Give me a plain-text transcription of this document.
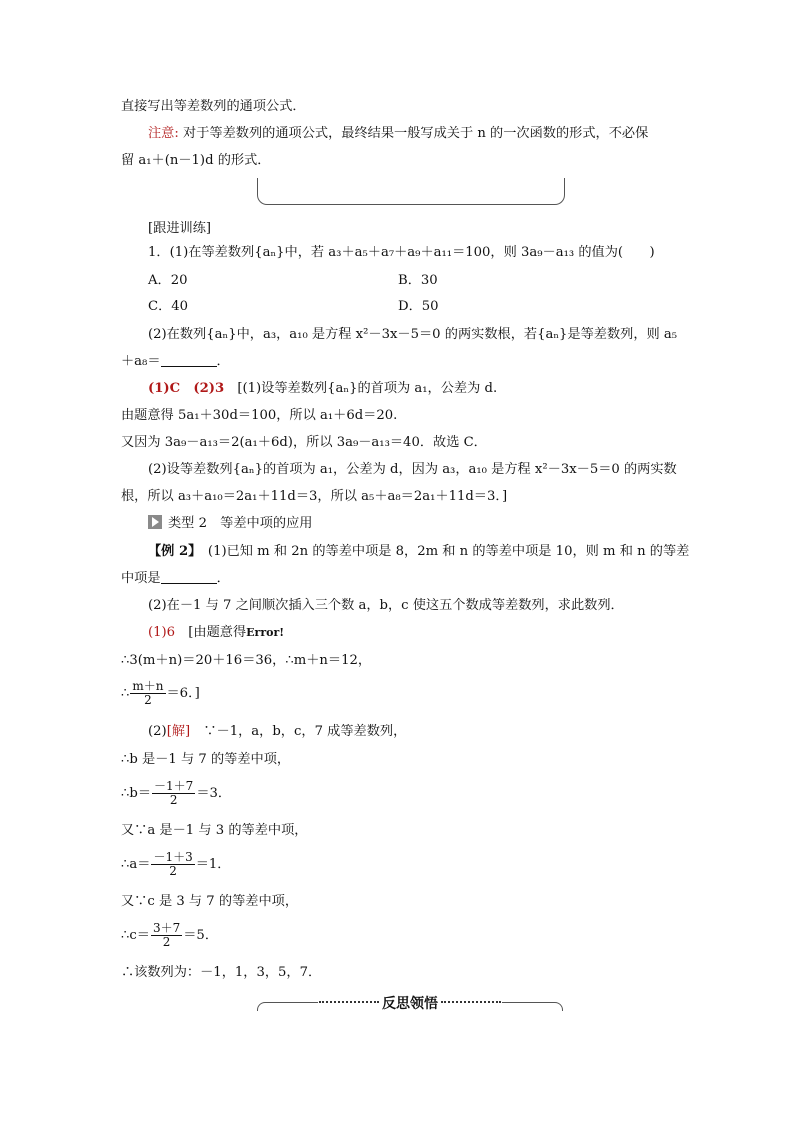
直接写出等差数列的通项公式．
注意: 对于等差数列的通项公式，最终结果一般写成关于 n 的一次函数的形式，不必保
留 a₁＋(n－1)d 的形式．
[跟进训练]
1．(1)在等差数列{aₙ}中，若 a₃＋a₅＋a₇＋a₉＋a₁₁＝100，则 3a₉－a₁₃ 的值为(　　)
A．20	B．30
C．40	D．50
(2)在数列{aₙ}中，a₃，a₁₀ 是方程 x²－3x－5＝0 的两实数根，若{aₙ}是等差数列，则 a₅
＋a₈＝	．
(1)C　(2)3　[(1)设等差数列{aₙ}的首项为 a₁，公差为 d.
由题意得 5a₁＋30d＝100，所以 a₁＋6d＝20.
又因为 3a₉－a₁₃＝2(a₁＋6d)，所以 3a₉－a₁₃＝40．故选 C．
(2)设等差数列{aₙ}的首项为 a₁，公差为 d，因为 a₃，a₁₀ 是方程 x²－3x－5＝0 的两实数
根，所以 a₃＋a₁₀＝2a₁＋11d＝3，所以 a₅＋a₈＝2a₁＋11d＝3．]
类型 2　等差中项的应用
【例 2】　(1)已知 m 和 2n 的等差中项是 8，2m 和 n 的等差中项是 10，则 m 和 n 的等差
中项是	．
(2)在－1 与 7 之间顺次插入三个数 a，b，c 使这五个数成等差数列，求此数列．
(1)6　[由题意得Error!
∴3(m＋n)＝20＋16＝36，∴m＋n＝12，
∴ $\frac{m+n}{2} =6$．]
(2)[解]　∵－1，a，b，c，7 成等差数列，
∴b 是－1 与 7 的等差中项，
∴b＝ $\frac{-1+7}{2} =3$．
又∵a 是－1 与 3 的等差中项，
∴a＝ $\frac{-1+3}{2} =1$．
又∵c 是 3 与 7 的等差中项，
∴c＝ $\frac{3+7}{2} =5$．
∴该数列为：－1，1，3，5，7．
反思领悟
